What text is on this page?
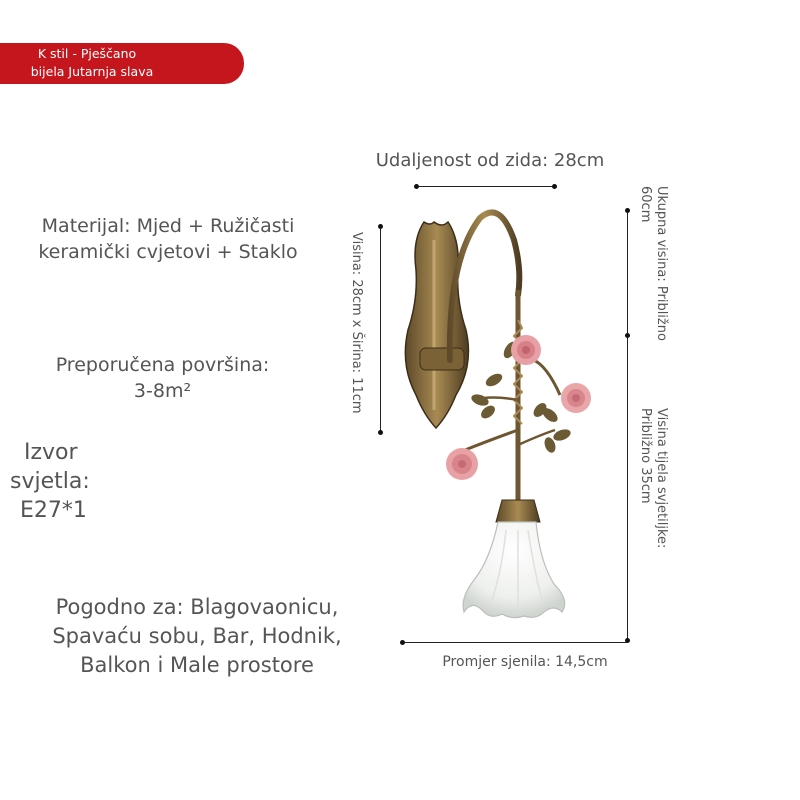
K stil - Pješčano
bijela Jutarnja slava
Materijal: Mjed + Ružičasti
keramički cvjetovi + Staklo
Preporučena površina:
3-8m²
Izvor
svjetla:
E27*1
Pogodno za: Blagovaonicu,
Spavaću sobu, Bar, Hodnik,
Balkon i Male prostore
Udaljenost od zida: 28cm
Visina: 28cm x Širina: 11cm	Ukupna visina: Približno
60cm
Visina tijela svjetiljke:
Približno 35cm
Promjer sjenila: 14,5cm
